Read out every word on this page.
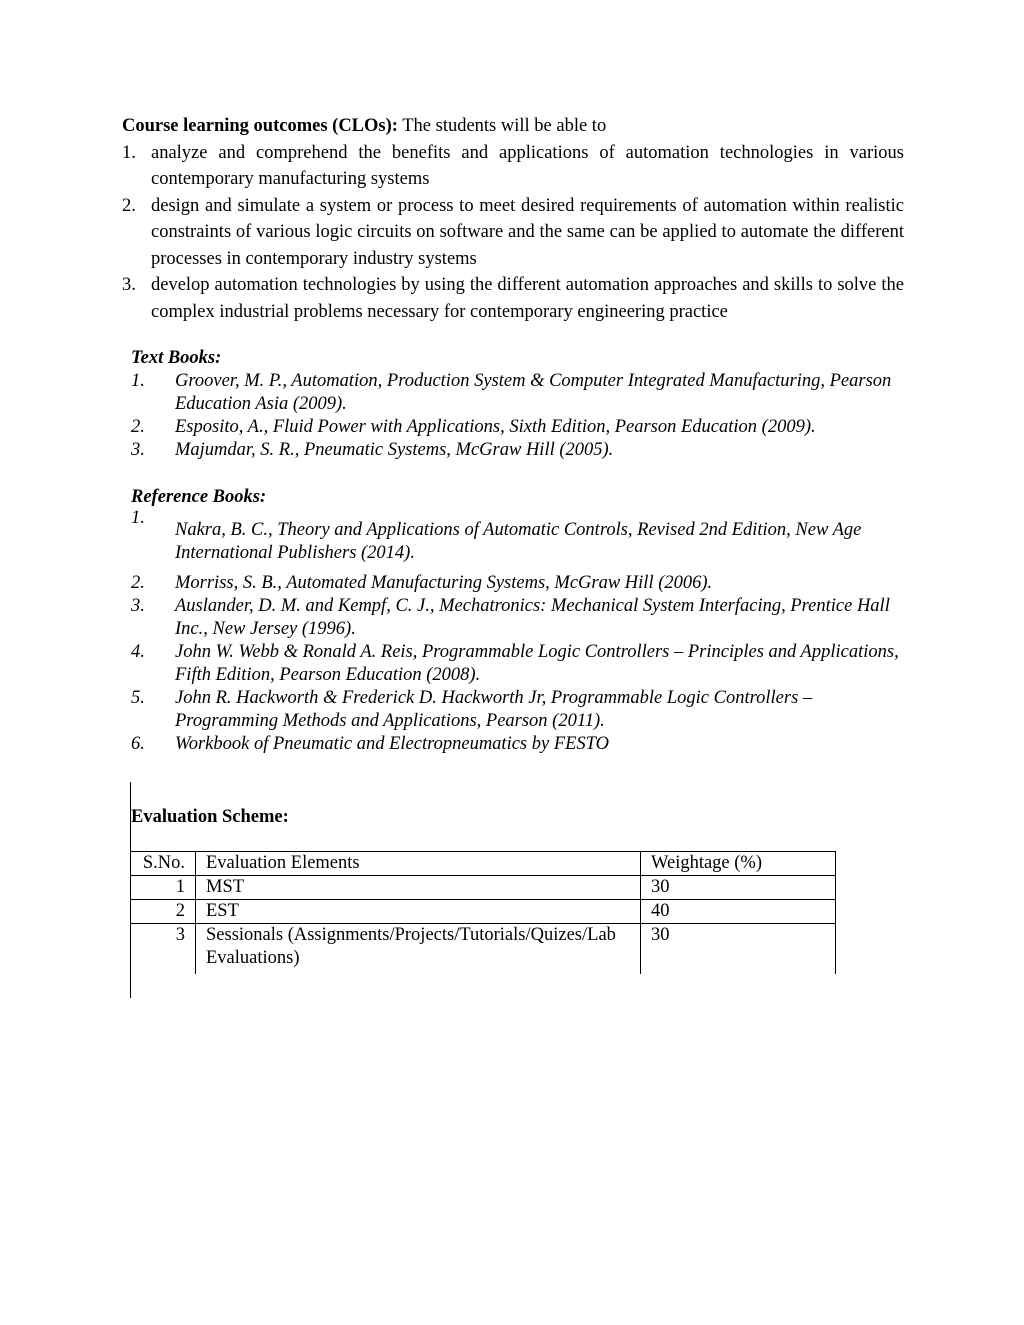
Course learning outcomes (CLOs): The students will be able to

1. analyze and comprehend the benefits and applications of automation technologies in various contemporary manufacturing systems
2. design and simulate a system or process to meet desired requirements of automation within realistic constraints of various logic circuits on software and the same can be applied to automate the different processes in contemporary industry systems
3. develop automation technologies by using the different automation approaches and skills to solve the complex industrial problems necessary for contemporary engineering practice
Text Books:
1. Groover, M. P., Automation, Production System & Computer Integrated Manufacturing, Pearson Education Asia (2009).
2. Esposito, A., Fluid Power with Applications, Sixth Edition, Pearson Education (2009).
3. Majumdar, S. R., Pneumatic Systems, McGraw Hill (2005).
Reference Books:
1.
Nakra, B. C., Theory and Applications of Automatic Controls, Revised 2nd Edition, New Age International Publishers (2014).
2. Morriss, S. B., Automated Manufacturing Systems, McGraw Hill (2006).
3. Auslander, D. M. and Kempf, C. J., Mechatronics: Mechanical System Interfacing, Prentice Hall Inc., New Jersey (1996).
4. John W. Webb & Ronald A. Reis, Programmable Logic Controllers – Principles and Applications, Fifth Edition, Pearson Education (2008).
5. John R. Hackworth & Frederick D. Hackworth Jr, Programmable Logic Controllers – Programming Methods and Applications, Pearson (2011).
6. Workbook of Pneumatic and Electropneumatics by FESTO
Evaluation Scheme:
S.No.	Evaluation Elements	Weightage (%)
1	MST	30
2	EST	40
3	Sessionals (Assignments/Projects/Tutorials/Quizes/Lab Evaluations)	30
